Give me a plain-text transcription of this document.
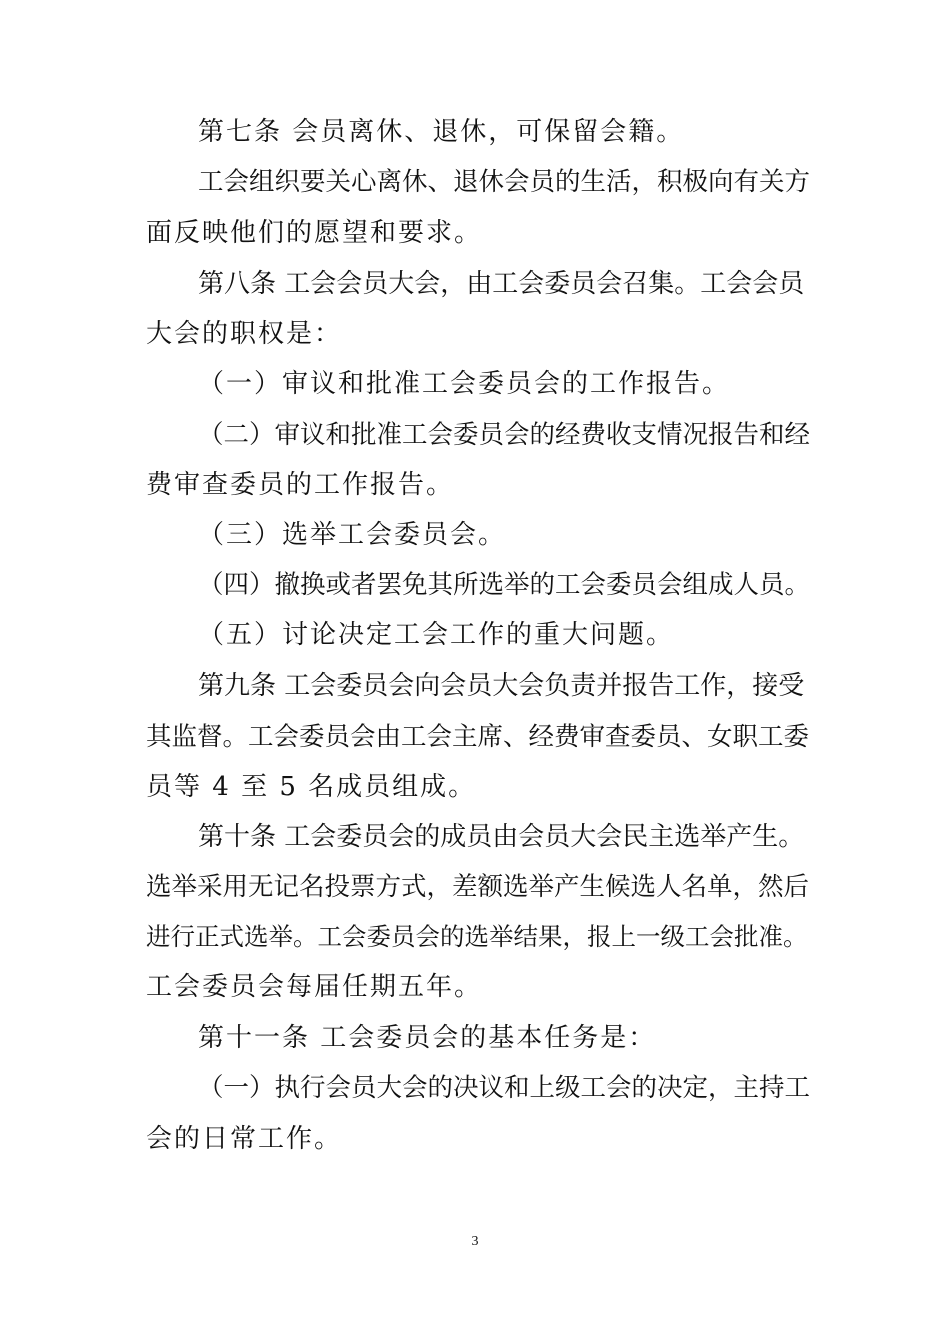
第七条 会员离休、退休，可保留会籍。
工会组织要关心离休、退休会员的生活，积极向有关方
面反映他们的愿望和要求。
第八条 工会会员大会，由工会委员会召集。工会会员
大会的职权是：
（一）审议和批准工会委员会的工作报告。
（二）审议和批准工会委员会的经费收支情况报告和经
费审查委员的工作报告。
（三）选举工会委员会。
（四）撤换或者罢免其所选举的工会委员会组成人员。
（五）讨论决定工会工作的重大问题。
第九条 工会委员会向会员大会负责并报告工作，接受
其监督。工会委员会由工会主席、经费审查委员、女职工委
员等 4 至 5 名成员组成。
第十条 工会委员会的成员由会员大会民主选举产生。
选举采用无记名投票方式，差额选举产生候选人名单，然后
进行正式选举。工会委员会的选举结果，报上一级工会批准。
工会委员会每届任期五年。
第十一条 工会委员会的基本任务是：
（一）执行会员大会的决议和上级工会的决定，主持工
会的日常工作。
3
